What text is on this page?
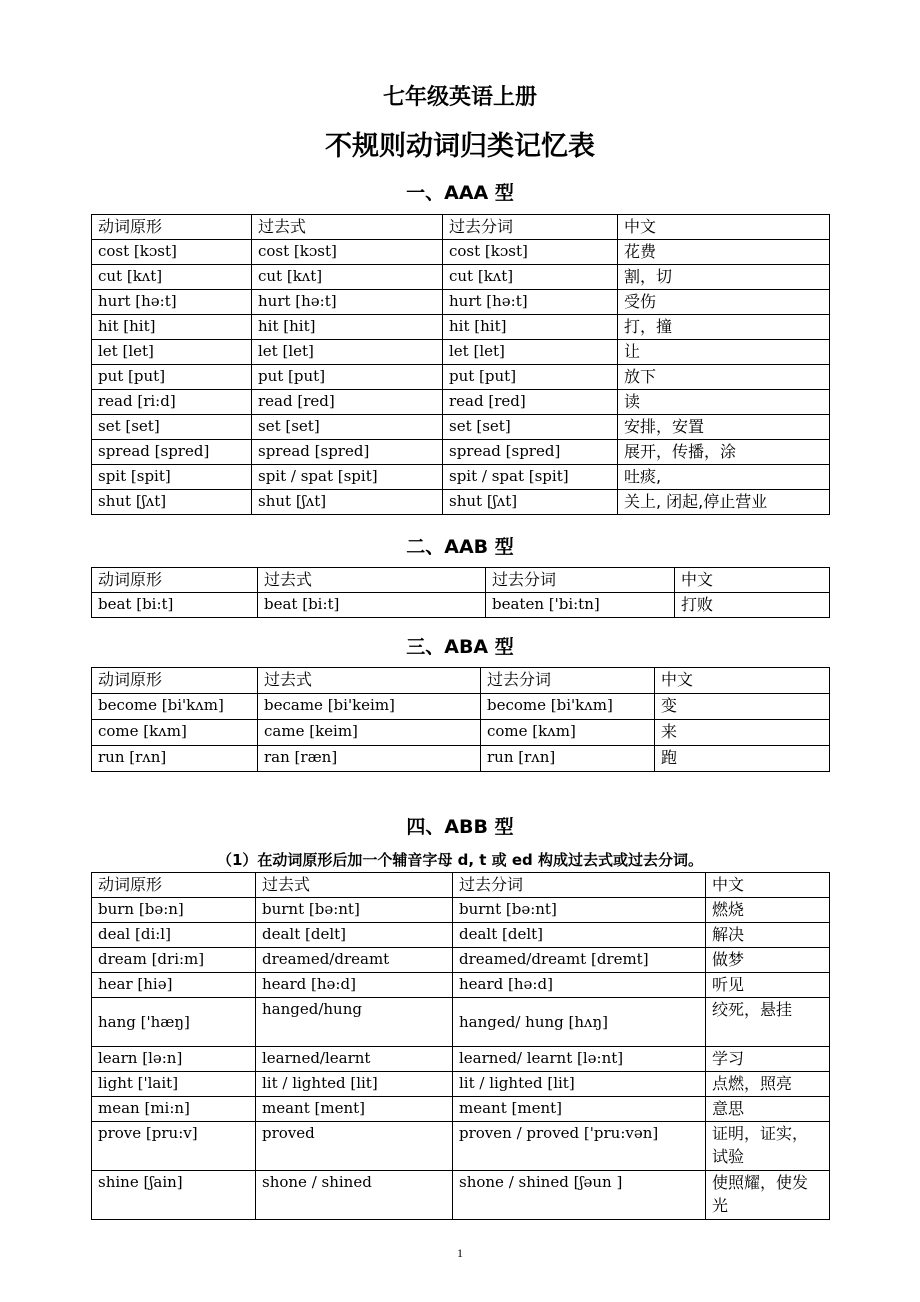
七年级英语上册
不规则动词归类记忆表
一、AAA 型
动词原形	过去式	过去分词	中文
cost [kɔst]	cost [kɔst]	cost [kɔst]	花费
cut [kʌt]	cut [kʌt]	cut [kʌt]	割，切
hurt [hə:t]	hurt [hə:t]	hurt [hə:t]	受伤
hit [hit]	hit [hit]	hit [hit]	打，撞
let [let]	let [let]	let [let]	让
put [put]	put [put]	put [put]	放下
read [ri:d]	read [red]	read [red]	读
set [set]	set [set]	set [set]	安排，安置
spread [spred]	spread [spred]	spread [spred]	展开，传播，涂
spit [spit]	spit / spat [spit]	spit / spat [spit]	吐痰,
shut [ʃʌt]	shut [ʃʌt]	shut [ʃʌt]	关上, 闭起,停止营业
二、AAB 型
动词原形	过去式	过去分词	中文
beat [bi:t]	beat [bi:t]	beaten ['bi:tn]	打败
三、ABA 型
动词原形	过去式	过去分词	中文
become [bi'kʌm]	became [bi'keim]	become [bi'kʌm]	变
come [kʌm]	came [keim]	come [kʌm]	来
run [rʌn]	ran [ræn]	run [rʌn]	跑
四、ABB 型
（1）在动词原形后加一个辅音字母 d, t 或 ed 构成过去式或过去分词。
动词原形	过去式	过去分词	中文
burn [bə:n]	burnt [bə:nt]	burnt [bə:nt]	燃烧
deal [di:l]	dealt [delt]	dealt [delt]	解决
dream [dri:m]	dreamed/dreamt	dreamed/dreamt [dremt]	做梦
hear [hiə]	heard [hə:d]	heard [hə:d]	听见
hang ['hæŋ]	hanged/hung	hanged/ hung [hʌŋ]	绞死，悬挂
learn [lə:n]	learned/learnt	learned/ learnt [lə:nt]	学习
light ['lait]	lit / lighted [lit]	lit / lighted [lit]	点燃，照亮
mean [mi:n]	meant [ment]	meant [ment]	意思
prove [pru:v]	proved	proven / proved ['pru:vən]	证明，证实，试验
shine [ʃain]	shone / shined	shone / shined [ʃəun ]	使照耀，使发光
1
